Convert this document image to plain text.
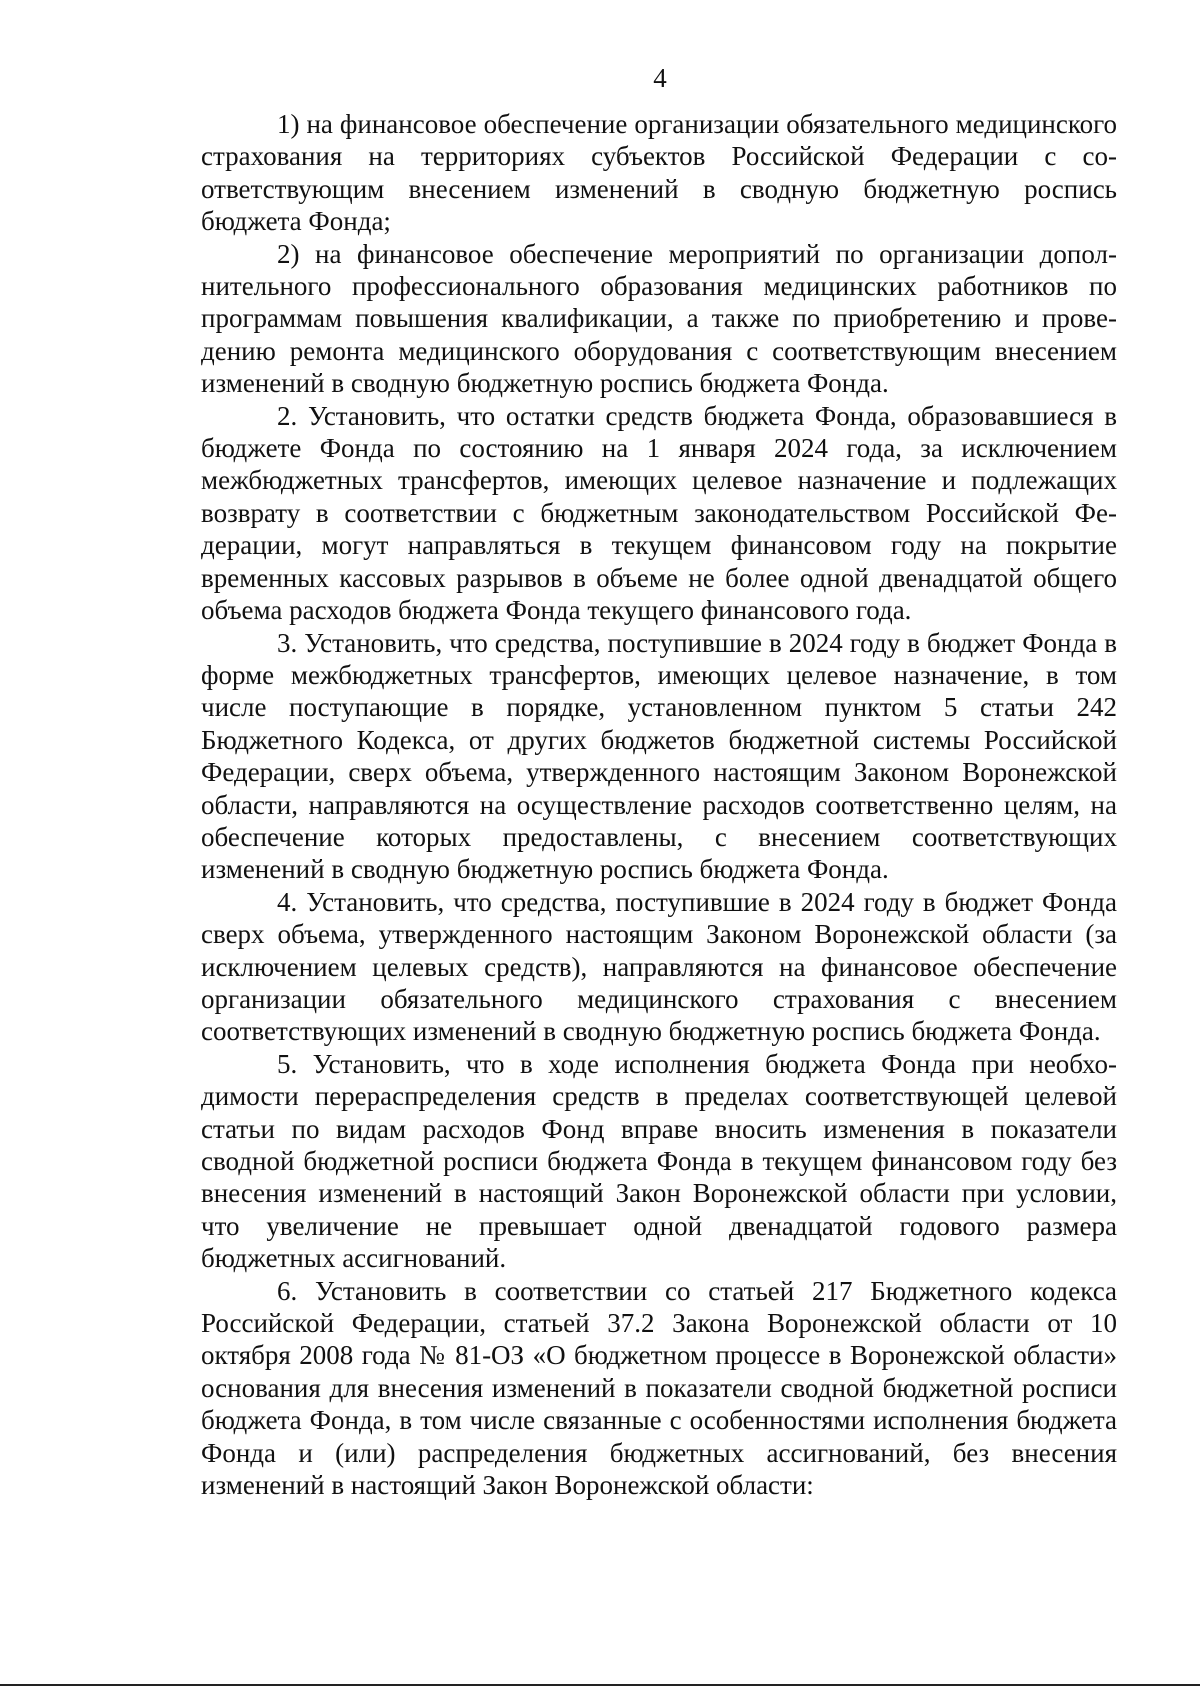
4

1) на финансовое обеспечение организации обязательного медицинского страхования на территориях субъектов Российской Федерации с соответствующим внесением изменений в сводную бюджетную роспись бюджета Фонда;

2) на финансовое обеспечение мероприятий по организации дополнительного профессионального образования медицинских работников по программам повышения квалификации, а также по приобретению и проведению ремонта медицинского оборудования с соответствующим внесением изменений в сводную бюджетную роспись бюджета Фонда.

2. Установить, что остатки средств бюджета Фонда, образовавшиеся в бюджете Фонда по состоянию на 1 января 2024 года, за исключением межбюджетных трансфертов, имеющих целевое назначение и подлежащих возврату в соответствии с бюджетным законодательством Российской Федерации, могут направляться в текущем финансовом году на покрытие временных кассовых разрывов в объеме не более одной двенадцатой общего объема расходов бюджета Фонда текущего финансового года.

3. Установить, что средства, поступившие в 2024 году в бюджет Фонда в форме межбюджетных трансфертов, имеющих целевое назначение, в том числе поступающие в порядке, установленном пунктом 5 статьи 242 Бюджетного Кодекса, от других бюджетов бюджетной системы Российской Федерации, сверх объема, утвержденного настоящим Законом Воронежской области, направляются на осуществление расходов соответственно целям, на обеспечение которых предоставлены, с внесением соответствующих изменений в сводную бюджетную роспись бюджета Фонда.

4. Установить, что средства, поступившие в 2024 году в бюджет Фонда сверх объема, утвержденного настоящим Законом Воронежской области (за исключением целевых средств), направляются на финансовое обеспечение организации обязательного медицинского страхования с внесением соответствующих изменений в сводную бюджетную роспись бюджета Фонда.

5. Установить, что в ходе исполнения бюджета Фонда при необходимости перераспределения средств в пределах соответствующей целевой статьи по видам расходов Фонд вправе вносить изменения в показатели сводной бюджетной росписи бюджета Фонда в текущем финансовом году без внесения изменений в настоящий Закон Воронежской области при условии, что увеличение не превышает одной двенадцатой годового размера бюджетных ассигнований.

6. Установить в соответствии со статьей 217 Бюджетного кодекса Российской Федерации, статьей 37.2 Закона Воронежской области от 10 октября 2008 года № 81-ОЗ «О бюджетном процессе в Воронежской области» основания для внесения изменений в показатели сводной бюджетной росписи бюджета Фонда, в том числе связанные с особенностями исполнения бюджета Фонда и (или) распределения бюджетных ассигнований, без внесения изменений в настоящий Закон Воронежской области:
